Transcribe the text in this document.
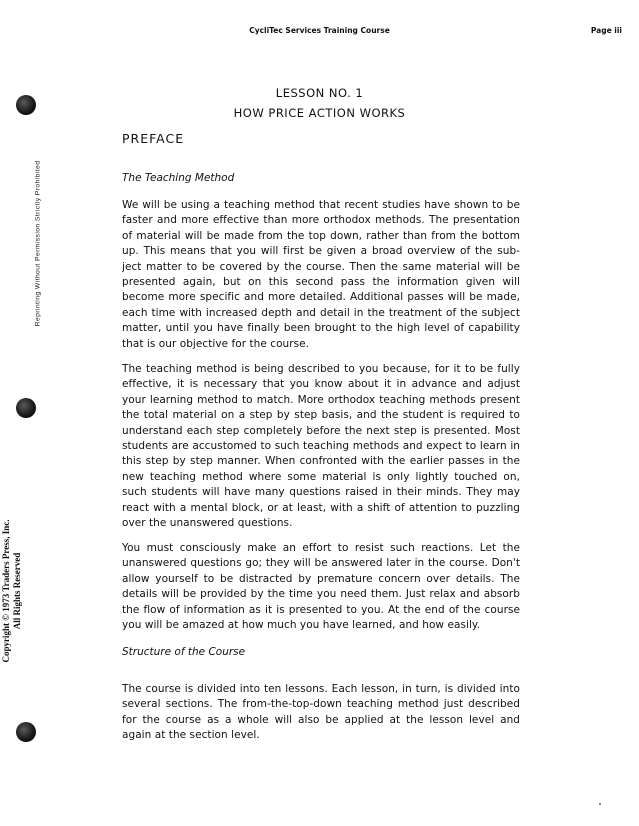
CycliTec Services Training Course	Page iii
Reprinting Without Permission Strictly Prohibited
Copyright © 1973 Traders Press, Inc. All Rights Reserved
LESSON NO. 1
HOW PRICE ACTION WORKS
PREFACE
The Teaching Method
We will be using a teaching method that recent studies have shown to be
faster and more effective than more orthodox methods. The presentation
of material will be made from the top down, rather than from the bottom
up. This means that you will first be given a broad overview of the sub-
ject matter to be covered by the course. Then the same material will be
presented again, but on this second pass the information given will
become more specific and more detailed. Additional passes will be made,
each time with increased depth and detail in the treatment of the subject
matter, until you have finally been brought to the high level of capability
that is our objective for the course.
The teaching method is being described to you because, for it to be fully
effective, it is necessary that you know about it in advance and adjust
your learning method to match. More orthodox teaching methods present
the total material on a step by step basis, and the student is required to
understand each step completely before the next step is presented. Most
students are accustomed to such teaching methods and expect to learn in
this step by step manner. When confronted with the earlier passes in the
new teaching method where some material is only lightly touched on,
such students will have many questions raised in their minds. They may
react with a mental block, or at least, with a shift of attention to puzzling
over the unanswered questions.
You must consciously make an effort to resist such reactions. Let the
unanswered questions go; they will be answered later in the course. Don't
allow yourself to be distracted by premature concern over details. The
details will be provided by the time you need them. Just relax and absorb
the flow of information as it is presented to you. At the end of the course
you will be amazed at how much you have learned, and how easily.
Structure of the Course
The course is divided into ten lessons. Each lesson, in turn, is divided into
several sections. The from-the-top-down teaching method just described
for the course as a whole will also be applied at the lesson level and
again at the section level.
